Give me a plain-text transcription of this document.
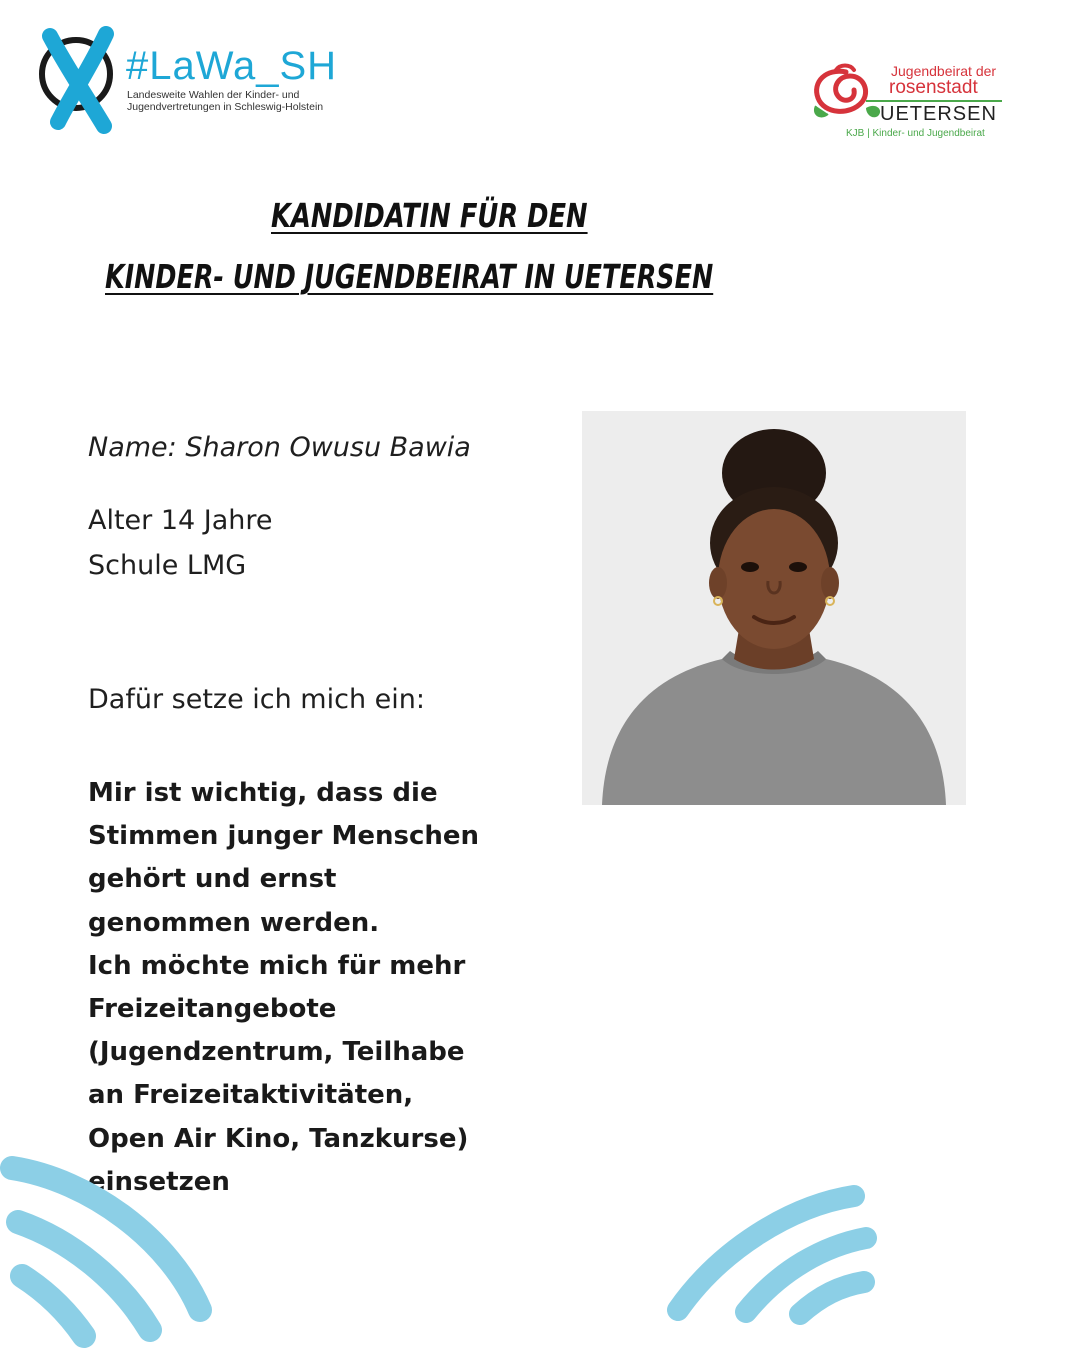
#LaWa_SH
Landesweite Wahlen der Kinder- und
Jugendvertretungen in Schleswig-Holstein
Jugendbeirat der
rosenstadt
UETERSEN
KJB | Kinder- und Jugendbeirat
KANDIDATIN FÜR DEN
KINDER- UND JUGENDBEIRAT IN UETERSEN
Name: Sharon Owusu Bawia
Alter 14 Jahre
Schule LMG
Dafür setze ich mich ein:
Mir ist wichtig, dass die
Stimmen junger Menschen
gehört und ernst
genommen werden.
Ich möchte mich für mehr
Freizeitangebote
(Jugendzentrum, Teilhabe
an Freizeitaktivitäten,
Open Air Kino, Tanzkurse)
einsetzen
